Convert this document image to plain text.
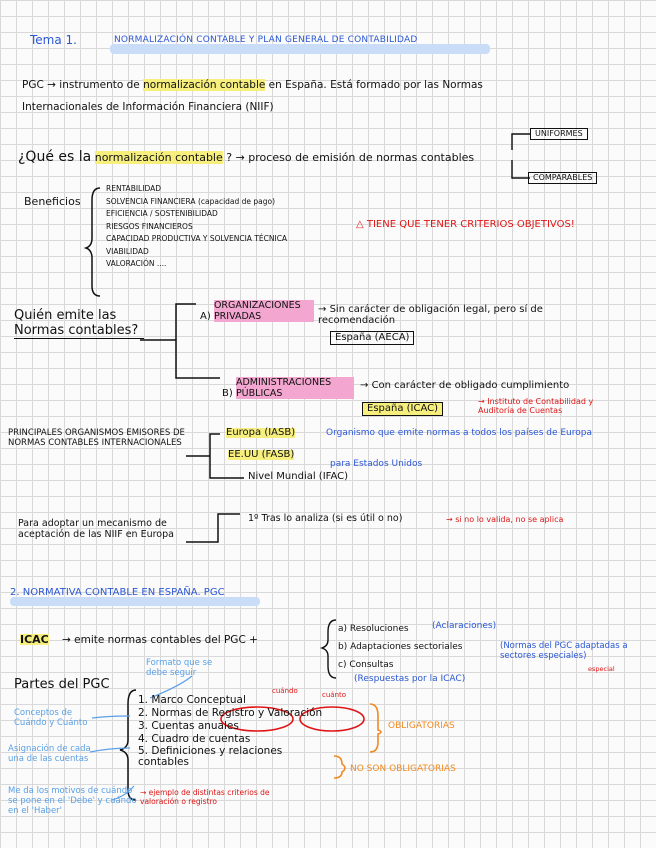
Tema 1.	NORMALIZACIÓN CONTABLE Y PLAN GENERAL DE CONTABILIDAD
PGC → instrumento de normalización contable en España. Está formado por las Normas
Internacionales de Información Financiera (NIIF)
¿Qué es la normalización contable ? → proceso de emisión de normas contables
UNIFORMES
COMPARABLES
Beneficios
RENTABILIDAD
SOLVENCIA FINANCIERA (capacidad de pago)
EFICIENCIA / SOSTENIBILIDAD
RIESGOS FINANCIEROS
CAPACIDAD PRODUCTIVA Y SOLVENCIA TÉCNICA
VIABILIDAD
VALORACIÓN ....
△ TIENE QUE TENER CRITERIOS OBJETIVOS!
Quién emite las Normas contables?
A) ORGANIZACIONES PRIVADAS
→ Sin carácter de obligación legal, pero sí de recomendación
España (AECA)
B) ADMINISTRACIONES PÚBLICAS
→ Con carácter de obligado cumplimiento
España (ICAC)
→ Instituto de Contabilidad y Auditoría de Cuentas
PRINCIPALES ORGANISMOS EMISORES DE NORMAS CONTABLES INTERNACIONALES
Europa (IASB)	Organismo que emite normas a todos los países de Europa
EE.UU (FASB)
para Estados Unidos
Nivel Mundial (IFAC)
Para adoptar un mecanismo de aceptación de las NIIF en Europa
1º Tras lo analiza (si es útil o no)	→ si no lo valida, no se aplica
2. NORMATIVA CONTABLE EN ESPAÑA. PGC
ICAC → emite normas contables del PGC +
a) Resoluciones
b) Adaptaciones sectoriales
c) Consultas
(Aclaraciones)
(Normas del PGC adaptadas a sectores especiales)
especial
(Respuestas por la ICAC)
Partes del PGC
Formato que se debe seguir
Conceptos de Cuándo y Cuánto
Asignación de cada una de las cuentas
Me da los motivos de cuándo se pone en el 'Debe' y cuándo en el 'Haber'
1. Marco Conceptual
2. Normas de Registro y Valoración
3. Cuentas anuales
4. Cuadro de cuentas
5. Definiciones y relaciones contables
cuándo	cuánto
OBLIGATORIAS
NO SON OBLIGATORIAS
→ ejemplo de distintas criterios de valoración o registro
